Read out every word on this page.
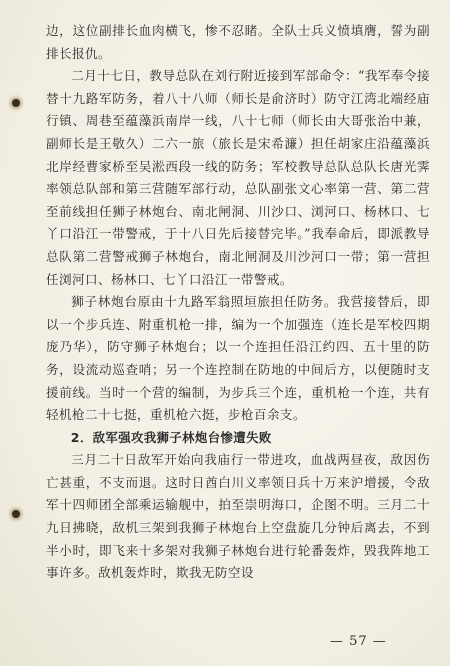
边，这位副排长血肉横飞，惨不忍睹。全队士兵义愤填膺，誓为副排长报仇。

二月十七日，教导总队在刘行附近接到军部命令：“我军奉令接替十九路军防务，着八十八师（师长是俞济时）防守江湾北端经庙行镇、周巷至蕴藻浜南岸一线，八十七师（师长由大哥张治中兼，副师长是王敬久）二六一旅（旅长是宋希濂）担任胡家庄沿蕴藻浜北岸经曹家桥至吴淞西段一线的防务；军校教导总队总队长唐光霁率领总队部和第三营随军部行动，总队副张文心率第一营、第二营至前线担任狮子林炮台、南北闸洞、川沙口、浏河口、杨林口、七丫口沿江一带警戒，于十八日先后接替完毕。”我奉命后，即派教导总队第二营警戒狮子林炮台，南北闸洞及川沙河口一带；第一营担任浏河口、杨林口、七丫口沿江一带警戒。

狮子林炮台原由十九路军翁照垣旅担任防务。我营接替后，即以一个步兵连、附重机枪一排，编为一个加强连（连长是军校四期庞乃华），防守狮子林炮台；以一个连担任沿江约四、五十里的防务，设流动巡查哨；另一个连控制在防地的中间后方，以便随时支援前线。当时一个营的编制，为步兵三个连，重机枪一个连，共有轻机枪二十七挺，重机枪六挺，步枪百余支。

2．敌军强攻我狮子林炮台惨遭失败

三月二十日敌军开始向我庙行一带进攻，血战两昼夜，敌因伤亡甚重，不支而退。这时日酋白川义率领日兵十万来沪增援，令敌军十四师团全部乘运输舰中，拍至崇明海口，企图不明。三月二十九日拂晓，敌机三架到我狮子林炮台上空盘旋几分钟后离去，不到半小时，即飞来十多架对我狮子林炮台进行轮番轰炸，毁我阵地工事许多。敌机轰炸时，欺我无防空设

— 57 —
